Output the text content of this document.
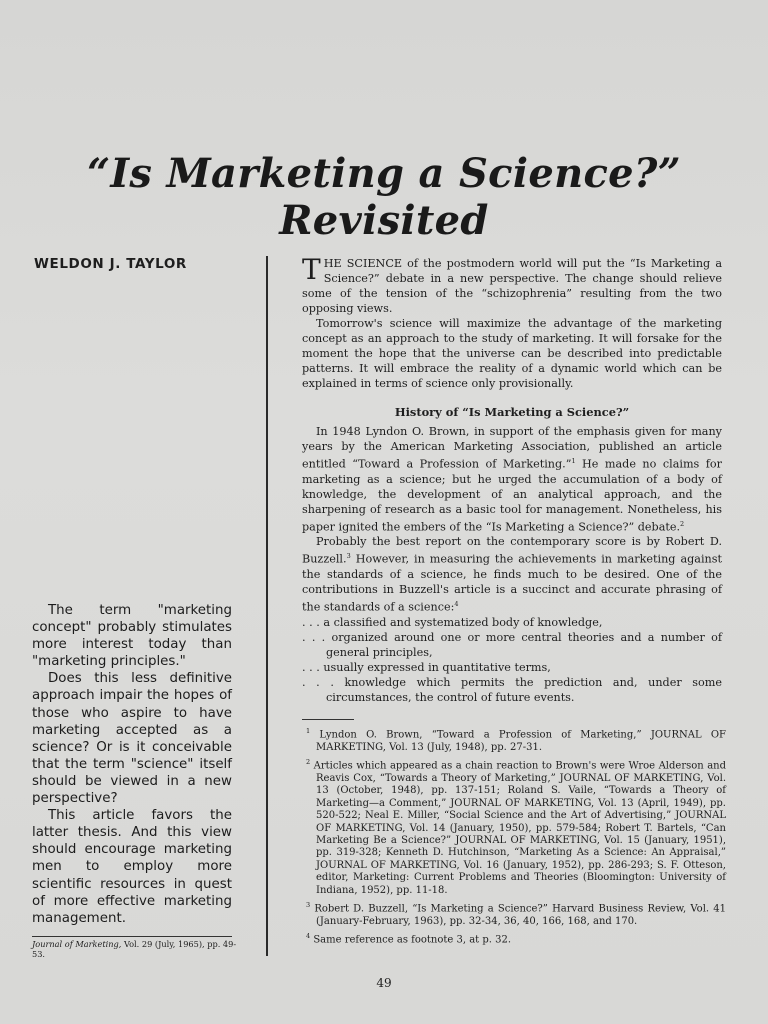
“Is Marketing a Science?” Revisited

WELDON J. TAYLOR

The term "marketing concept" probably stimulates more interest today than "marketing principles."

Does this less definitive approach impair the hopes of those who aspire to have marketing accepted as a science? Or is it conceivable that the term "science" itself should be viewed in a new perspective?

This article favors the latter thesis. And this view should encourage marketing men to employ more scientific resources in quest of more effective marketing management.

Journal of Marketing, Vol. 29 (July, 1965), pp. 49-53.

THE SCIENCE of the postmodern world will put the “Is Marketing a Science?” debate in a new perspective. The change should relieve some of the tension of the “schizophrenia” resulting from the two opposing views.

Tomorrow's science will maximize the advantage of the marketing concept as an approach to the study of marketing. It will forsake for the moment the hope that the universe can be described into predictable patterns. It will embrace the reality of a dynamic world which can be explained in terms of science only provisionally.

History of “Is Marketing a Science?”

In 1948 Lyndon O. Brown, in support of the emphasis given for many years by the American Marketing Association, published an article entitled “Toward a Profession of Marketing.”$^1$ He made no claims for marketing as a science; but he urged the accumulation of a body of knowledge, the development of an analytical approach, and the sharpening of research as a basic tool for management. Nonetheless, his paper ignited the embers of the “Is Marketing a Science?” debate.$^2$

Probably the best report on the contemporary score is by Robert D. Buzzell.$^3$ However, in measuring the achievements in marketing against the standards of a science, he finds much to be desired. One of the contributions in Buzzell's article is a succinct and accurate phrasing of the standards of a science:$^4$

. . . a classified and systematized body of knowledge,
. . . organized around one or more central theories and a number of general principles,
. . . usually expressed in quantitative terms,
. . . knowledge which permits the prediction and, under some circumstances, the control of future events.

$^1$ Lyndon O. Brown, “Toward a Profession of Marketing,” JOURNAL OF MARKETING, Vol. 13 (July, 1948), pp. 27-31.

$^2$ Articles which appeared as a chain reaction to Brown's were Wroe Alderson and Reavis Cox, “Towards a Theory of Marketing,” JOURNAL OF MARKETING, Vol. 13 (October, 1948), pp. 137-151; Roland S. Vaile, “Towards a Theory of Marketing—a Comment,” JOURNAL OF MARKETING, Vol. 13 (April, 1949), pp. 520-522; Neal E. Miller, “Social Science and the Art of Advertising,” JOURNAL OF MARKETING, Vol. 14 (January, 1950), pp. 579-584; Robert T. Bartels, “Can Marketing Be a Science?” JOURNAL OF MARKETING, Vol. 15 (January, 1951), pp. 319-328; Kenneth D. Hutchinson, “Marketing As a Science: An Appraisal,” JOURNAL OF MARKETING, Vol. 16 (January, 1952), pp. 286-293; S. F. Otteson, editor, Marketing: Current Problems and Theories (Bloomington: University of Indiana, 1952), pp. 11-18.

$^3$ Robert D. Buzzell, “Is Marketing a Science?” Harvard Business Review, Vol. 41 (January-February, 1963), pp. 32-34, 36, 40, 166, 168, and 170.

$^4$ Same reference as footnote 3, at p. 32.

49
